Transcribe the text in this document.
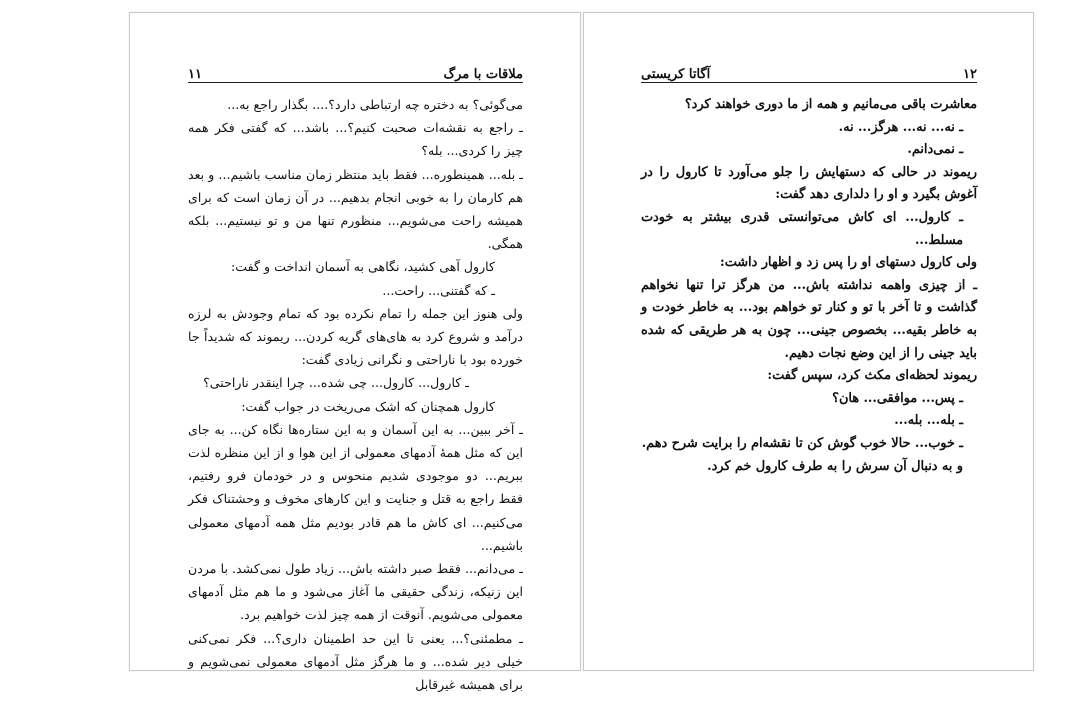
ملاقات با مرگ
۱۱

می‌گوئی؟ به دختره چه ارتباطی دارد؟.... بگذار راجع به...

ـ راجع به نقشه‌ات صحبت کنیم؟... باشد... که گفتی فکر همه چیز را کردی... بله؟

ـ بله... همینطوره... فقط باید منتظر زمان مناسب باشیم... و بعد هم کارمان را به خوبی انجام بدهیم... در آن زمان است که برای همیشه راحت می‌شویم... منظورم تنها من و تو نیستیم... بلکه همگی.

کارول آهی کشید، نگاهی به آسمان انداخت و گفت:

ـ که گفتنی... راحت...

ولی هنوز این جمله را تمام نکرده بود که تمام وجودش به لرزه درآمد و شروع کرد به های‌های گریه کردن... ریموند که شدیداً جا خورده بود با ناراحتی و نگرانی زیادی گفت:

ـ کارول... کارول... چی شده... چرا اینقدر ناراحتی؟

کارول همچنان که اشک می‌ریخت در جواب گفت:

ـ آخر ببین... به این آسمان و به این ستاره‌ها نگاه کن... به جای این که مثل همهٔ آدمهای معمولی از این هوا و از این منظره لذت ببریم... دو موجودی شدیم منحوس و در خودمان فرو رفتیم، فقط راجع به قتل و جنایت و این کارهای مخوف و وحشتناک فکر می‌کنیم... ای کاش ما هم قادر بودیم مثل همه آدمهای معمولی باشیم...

ـ می‌دانم... فقط صبر داشته باش... زیاد طول نمی‌کشد. با مردن این زنیکه، زندگی حقیقی ما آغاز می‌شود و ما هم مثل آدمهای معمولی می‌شویم. آنوقت از همه چیز لذت خواهیم برد.

ـ مطمئنی؟... یعنی تا این حد اطمینان داری؟... فکر نمی‌کنی خیلی دیر شده... و ما هرگز مثل آدمهای معمولی نمی‌شویم و برای همیشه غیرقابل

۱۲
آگاتا کریستی

معاشرت باقی می‌مانیم و همه از ما دوری خواهند کرد؟

ـ نه... نه... هرگز... نه.

ـ نمی‌دانم.

ریموند در حالی که دستهایش را جلو می‌آورد تا کارول را در آغوش بگیرد و او را دلداری دهد گفت:

ـ کارول... ای کاش می‌توانستی قدری بیشتر به خودت مسلط...

ولی کارول دستهای او را پس زد و اظهار داشت:

ـ از چیزی واهمه نداشته باش... من هرگز ترا تنها نخواهم گذاشت و تا آخر با تو و کنار تو خواهم بود... به خاطر خودت و به خاطر بقیه... بخصوص جینی... چون به هر طریقی که شده باید جینی را از این وضع نجات دهیم.

ریموند لحظه‌ای مکث کرد، سپس گفت:

ـ پس... موافقی... هان؟

ـ بله... بله...

ـ خوب... حالا خوب گوش کن تا نقشه‌ام را برایت شرح دهم.

و به دنبال آن سرش را به طرف کارول خم کرد.
